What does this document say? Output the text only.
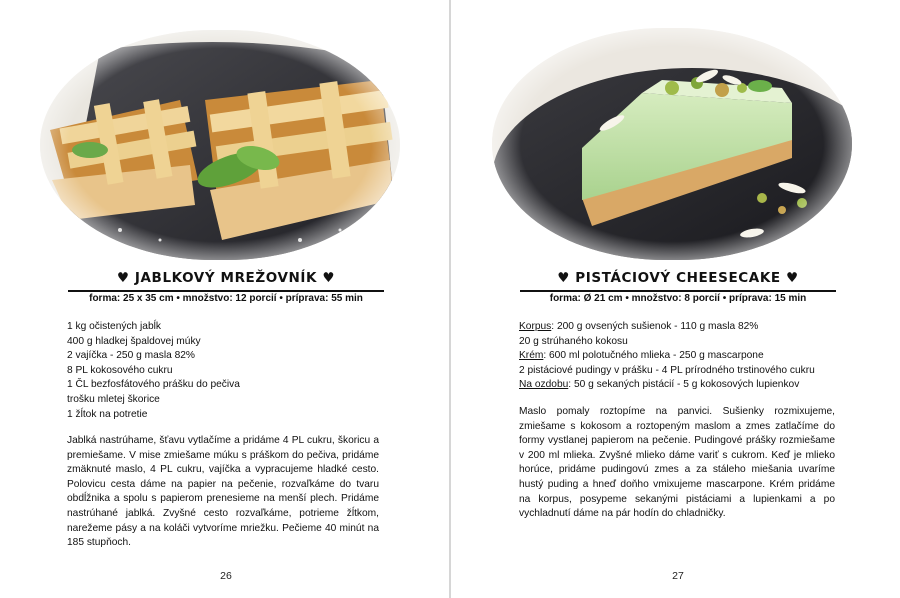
♥ JABLKOVÝ MREŽOVNÍK ♥
forma: 25 x 35 cm • množstvo: 12 porcií • príprava: 55 min
1 kg očistených jabĺk
400 g hladkej špaldovej múky
2 vajíčka - 250 g masla 82%
8 PL kokosového cukru
1 ČL bezfosfátového prášku do pečiva
trošku mletej škorice
1 žĺtok na potretie
Jablká nastrúhame, šťavu vytlačíme a pridáme 4 PL cukru, škoricu a premiešame. V mise zmiešame múku s práškom do pečiva, pridáme zmäknuté maslo, 4 PL cukru, vajíčka a vypracujeme hladké cesto. Polovicu cesta dáme na papier na pečenie, rozvaľkáme do tvaru obdĺžnika a spolu s papierom prenesieme na menší plech. Pridáme nastrúhané jablká. Zvyšné cesto rozvaľkáme, potrieme žĺtkom, narežeme pásy a na koláči vytvoríme mriežku. Pečieme 40 minút na 185 stupňoch.
26
♥ PISTÁCIOVÝ CHEESECAKE ♥
forma: Ø 21 cm • množstvo: 8 porcií • príprava: 15 min
Korpus: 200 g ovsených sušienok - 110 g masla 82%
20 g strúhaného kokosu
Krém: 600 ml polotučného mlieka - 250 g mascarpone
2 pistáciové pudingy v prášku - 4 PL prírodného trstinového cukru
Na ozdobu: 50 g sekaných pistácií - 5 g kokosových lupienkov
Maslo pomaly roztopíme na panvici. Sušienky rozmixujeme, zmiešame s kokosom a roztopeným maslom a zmes zatlačíme do formy vystlanej papierom na pečenie. Pudingové prášky rozmiešame v 200 ml mlieka. Zvyšné mlieko dáme variť s cukrom. Keď je mlieko horúce, pridáme pudingovú zmes a za stáleho miešania uvaríme hustý puding a hneď doňho vmixujeme mascarpone. Krém pridáme na korpus, posypeme sekanými pistáciami a lupienkami a po vychladnutí dáme na pár hodín do chladničky.
27
